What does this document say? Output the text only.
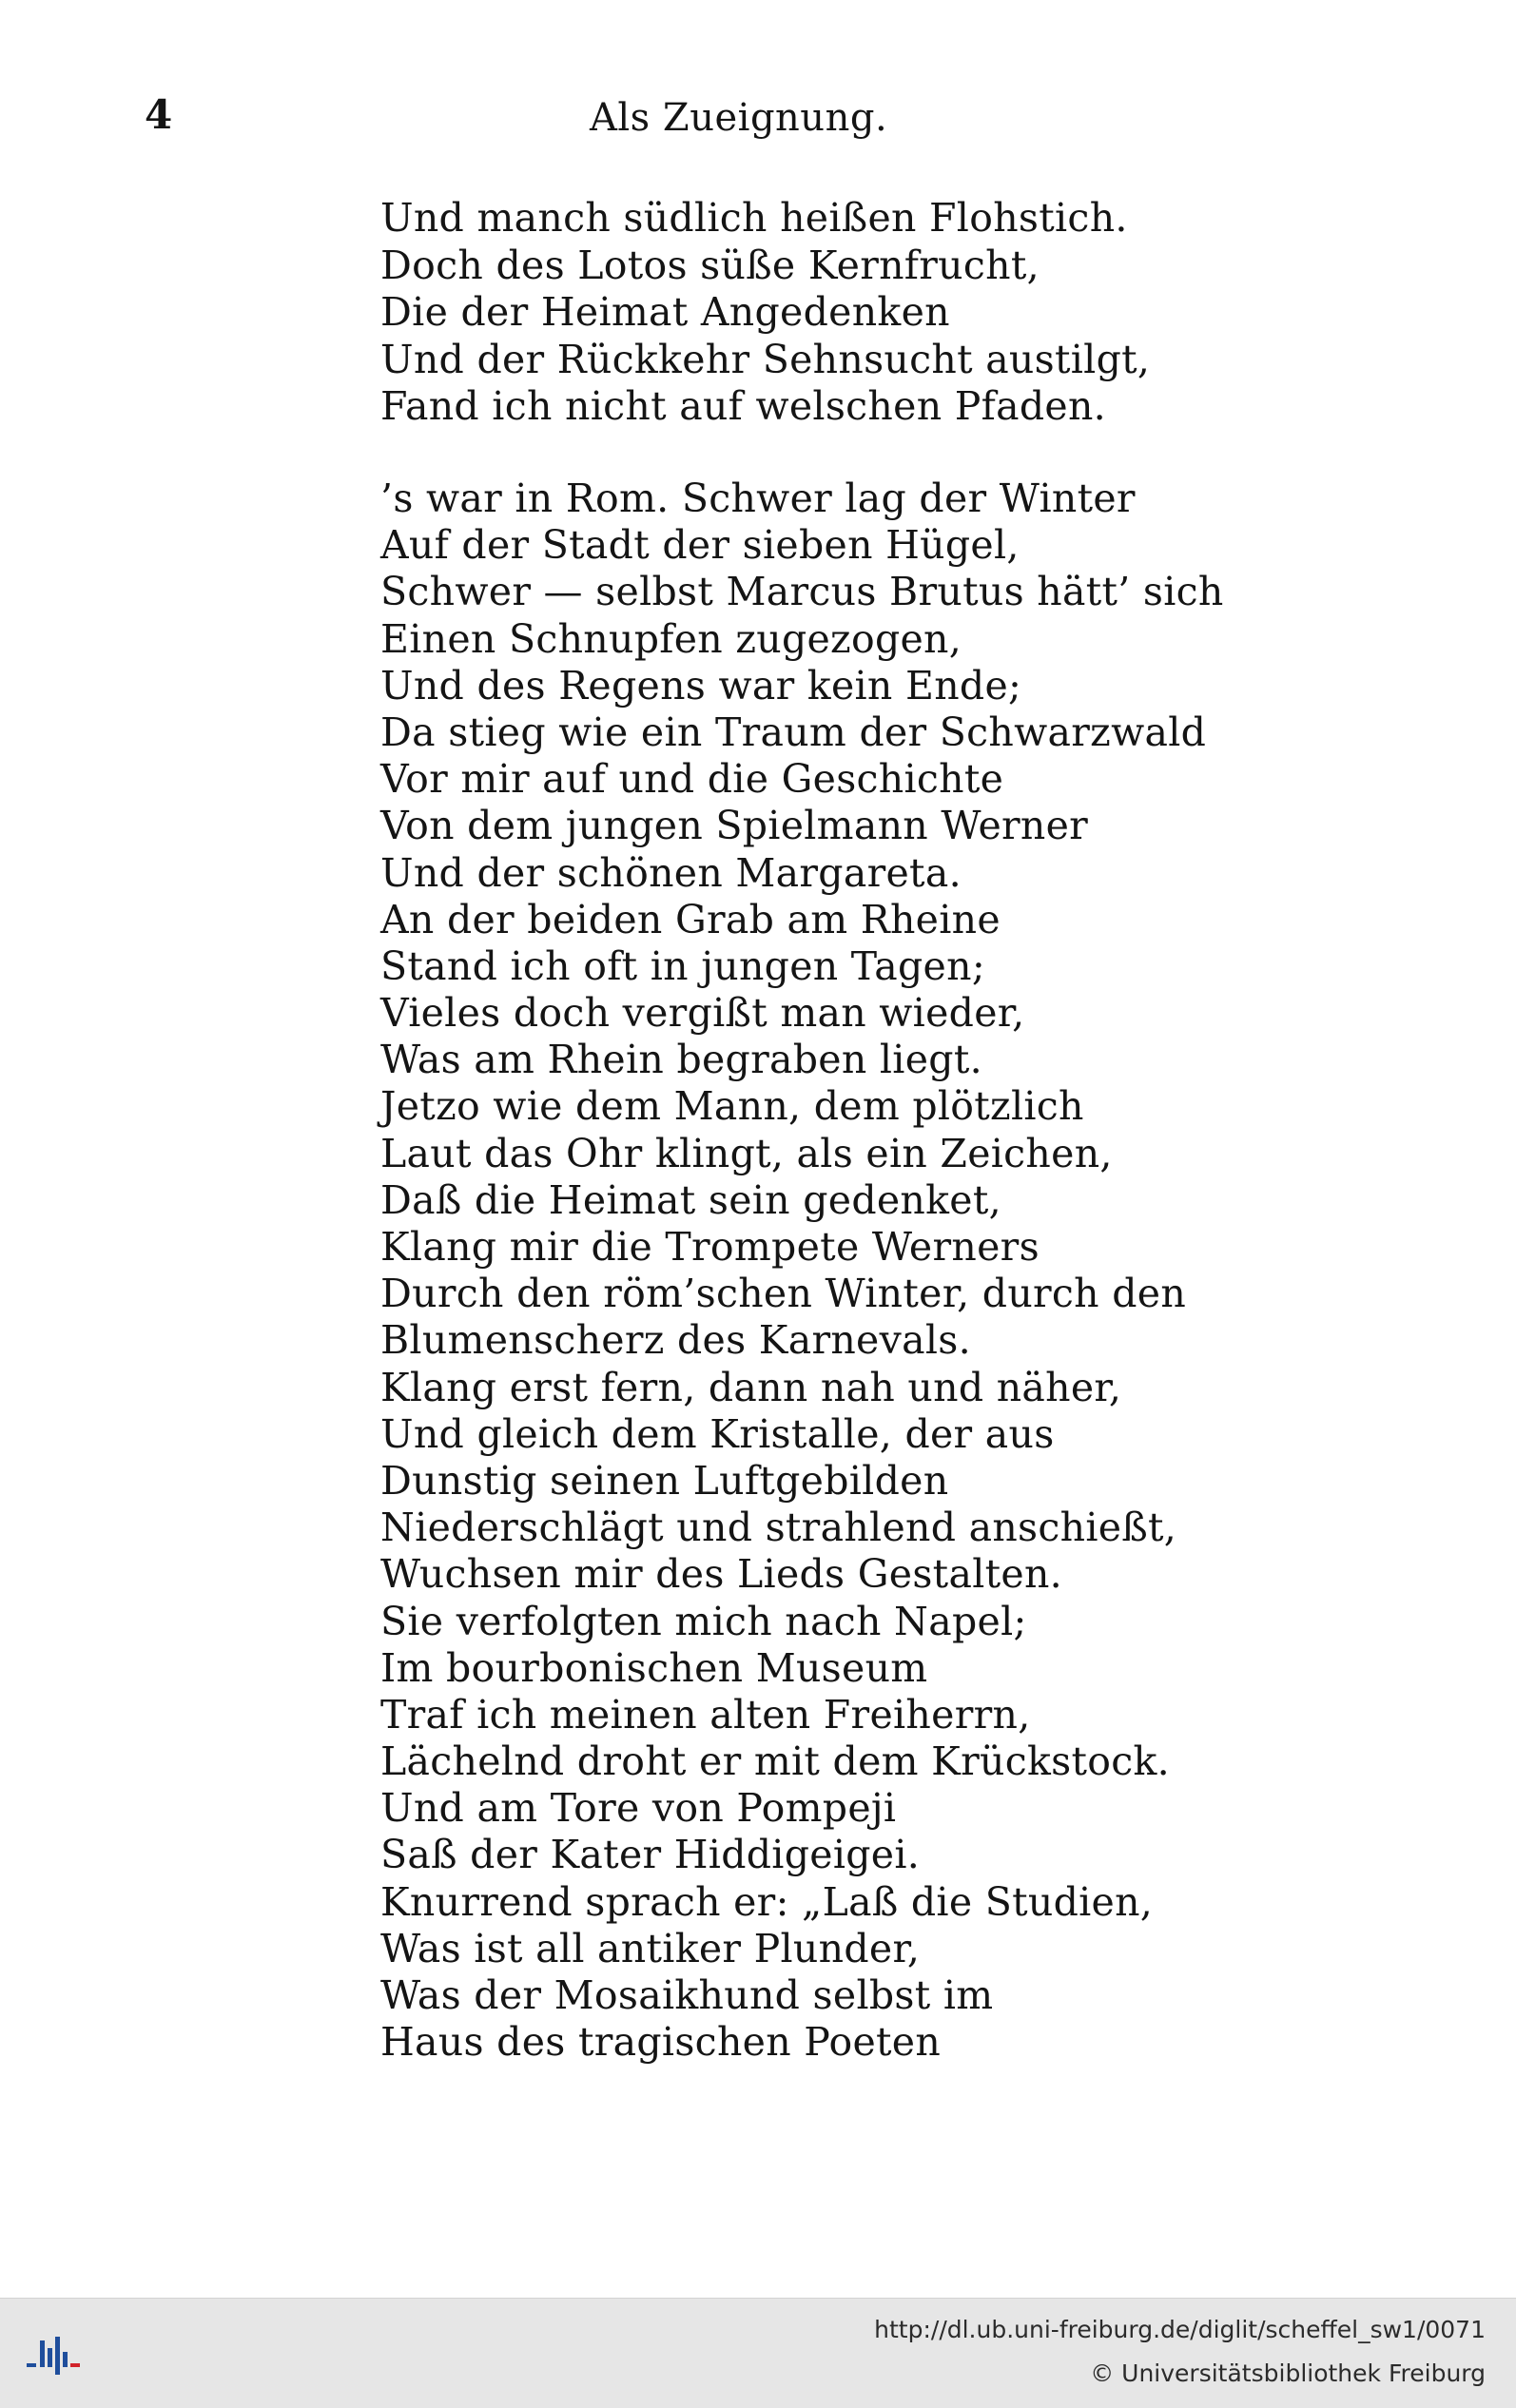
4	Als Zueignung.
Und manch südlich heißen Flohstich.
Doch des Lotos süße Kernfrucht,
Die der Heimat Angedenken
Und der Rückkehr Sehnsucht austilgt,
Fand ich nicht auf welschen Pfaden.
’s war in Rom. Schwer lag der Winter
Auf der Stadt der sieben Hügel,
Schwer — selbst Marcus Brutus hätt’ sich
Einen Schnupfen zugezogen,
Und des Regens war kein Ende;
Da stieg wie ein Traum der Schwarzwald
Vor mir auf und die Geschichte
Von dem jungen Spielmann Werner
Und der schönen Margareta.
An der beiden Grab am Rheine
Stand ich oft in jungen Tagen;
Vieles doch vergißt man wieder,
Was am Rhein begraben liegt.
Jetzo wie dem Mann, dem plötzlich
Laut das Ohr klingt, als ein Zeichen,
Daß die Heimat sein gedenket,
Klang mir die Trompete Werners
Durch den röm’schen Winter, durch den
Blumenscherz des Karnevals.
Klang erst fern, dann nah und näher,
Und gleich dem Kristalle, der aus
Dunstig seinen Luftgebilden
Niederschlägt und strahlend anschießt,
Wuchsen mir des Lieds Gestalten.
Sie verfolgten mich nach Napel;
Im bourbonischen Museum
Traf ich meinen alten Freiherrn,
Lächelnd droht er mit dem Krückstock.
Und am Tore von Pompeji
Saß der Kater Hiddigeigei.
Knurrend sprach er: „Laß die Studien,
Was ist all antiker Plunder,
Was der Mosaikhund selbst im
Haus des tragischen Poeten
http://dl.ub.uni-freiburg.de/diglit/scheffel_sw1/0071
© Universitätsbibliothek Freiburg
